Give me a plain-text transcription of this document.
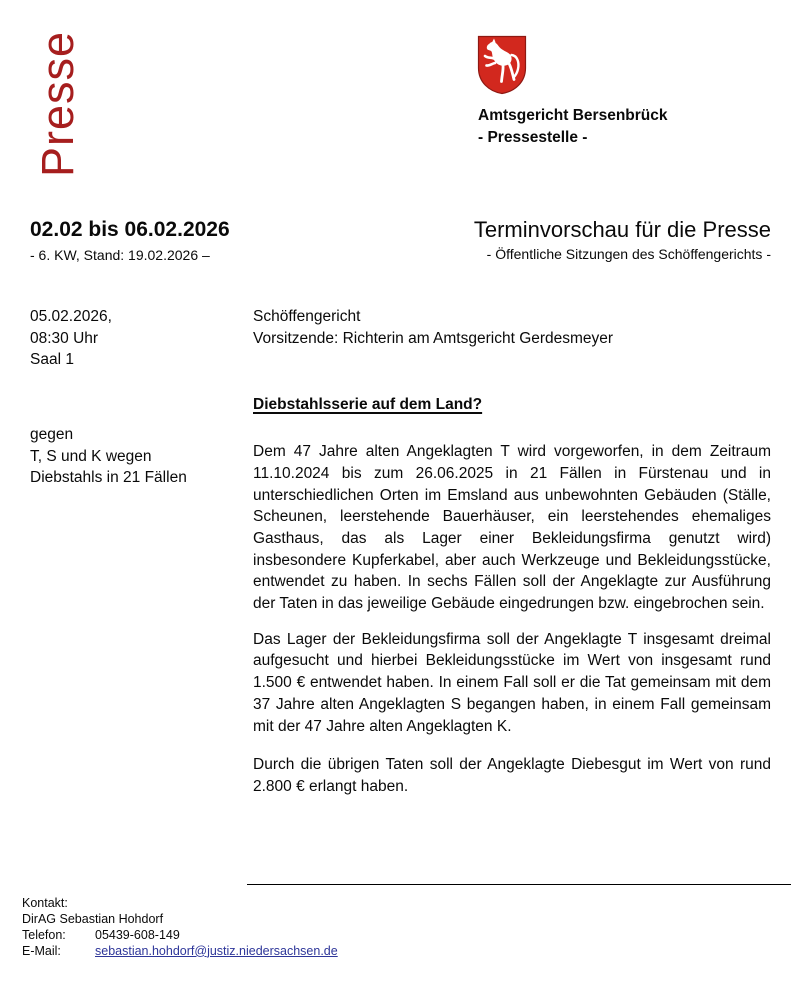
Presse	Amtsgericht Bersenbrück
- Pressestelle -
02.02 bis 06.02.2026
- 6. KW, Stand: 19.02.2026 –
Terminvorschau für die Presse
- Öffentliche Sitzungen des Schöffengerichts -
05.02.2026,
08:30 Uhr
Saal 1
gegen
T, S und K wegen
Diebstahls in 21 Fällen
Schöffengericht
Vorsitzende: Richterin am Amtsgericht Gerdesmeyer
Diebstahlsserie auf dem Land?

Dem 47 Jahre alten Angeklagten T wird vorgeworfen, in dem Zeitraum 11.10.2024 bis zum 26.06.2025 in 21 Fällen in Fürstenau und in unterschiedlichen Orten im Emsland aus unbewohnten Gebäuden (Ställe, Scheunen, leerstehende Bauerhäuser, ein leerstehendes ehemaliges Gasthaus, das als Lager einer Bekleidungsfirma genutzt wird) insbesondere Kupferkabel, aber auch Werkzeuge und Bekleidungsstücke, entwendet zu haben. In sechs Fällen soll der Angeklagte zur Ausführung der Taten in das jeweilige Gebäude eingedrungen bzw. eingebrochen sein.

Das Lager der Bekleidungsfirma soll der Angeklagte T insgesamt dreimal aufgesucht und hierbei Bekleidungsstücke im Wert von insgesamt rund 1.500 € entwendet haben. In einem Fall soll er die Tat gemeinsam mit dem 37 Jahre alten Angeklagten S begangen haben, in einem Fall gemeinsam mit der 47 Jahre alten Angeklagten K.

Durch die übrigen Taten soll der Angeklagte Diebesgut im Wert von rund 2.800 € erlangt haben.

Kontakt:
DirAG Sebastian Hohdorf
Telefon: 05439-608-149
E-Mail:	sebastian.hohdorf@justiz.niedersachsen.de
